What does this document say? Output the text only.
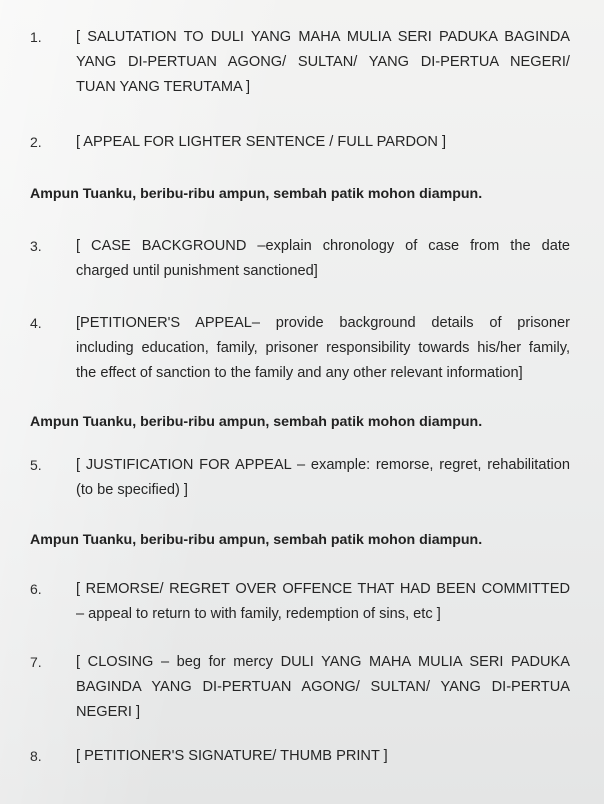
1. [ SALUTATION TO DULI YANG MAHA MULIA SERI PADUKA BAGINDA
YANG DI-PERTUAN AGONG/ SULTAN/ YANG DI-PERTUA NEGERI/
TUAN YANG TERUTAMA ]
2. [ APPEAL FOR LIGHTER SENTENCE / FULL PARDON ]
Ampun Tuanku, beribu-ribu ampun, sembah patik mohon diampun.
3. [ CASE BACKGROUND –explain chronology of case from the date
charged until punishment sanctioned]
4. [PETITIONER'S APPEAL– provide background details of prisoner
including education, family, prisoner responsibility towards his/her family,
the effect of sanction to the family and any other relevant information]
Ampun Tuanku, beribu-ribu ampun, sembah patik mohon diampun.
5. [ JUSTIFICATION FOR APPEAL – example: remorse, regret, rehabilitation
(to be specified) ]
Ampun Tuanku, beribu-ribu ampun, sembah patik mohon diampun.
6. [ REMORSE/ REGRET OVER OFFENCE THAT HAD BEEN COMMITTED
– appeal to return to with family, redemption of sins, etc ]
7. [ CLOSING – beg for mercy DULI YANG MAHA MULIA SERI PADUKA
BAGINDA YANG DI-PERTUAN AGONG/ SULTAN/ YANG DI-PERTUA
NEGERI ]
8. [ PETITIONER'S SIGNATURE/ THUMB PRINT ]
